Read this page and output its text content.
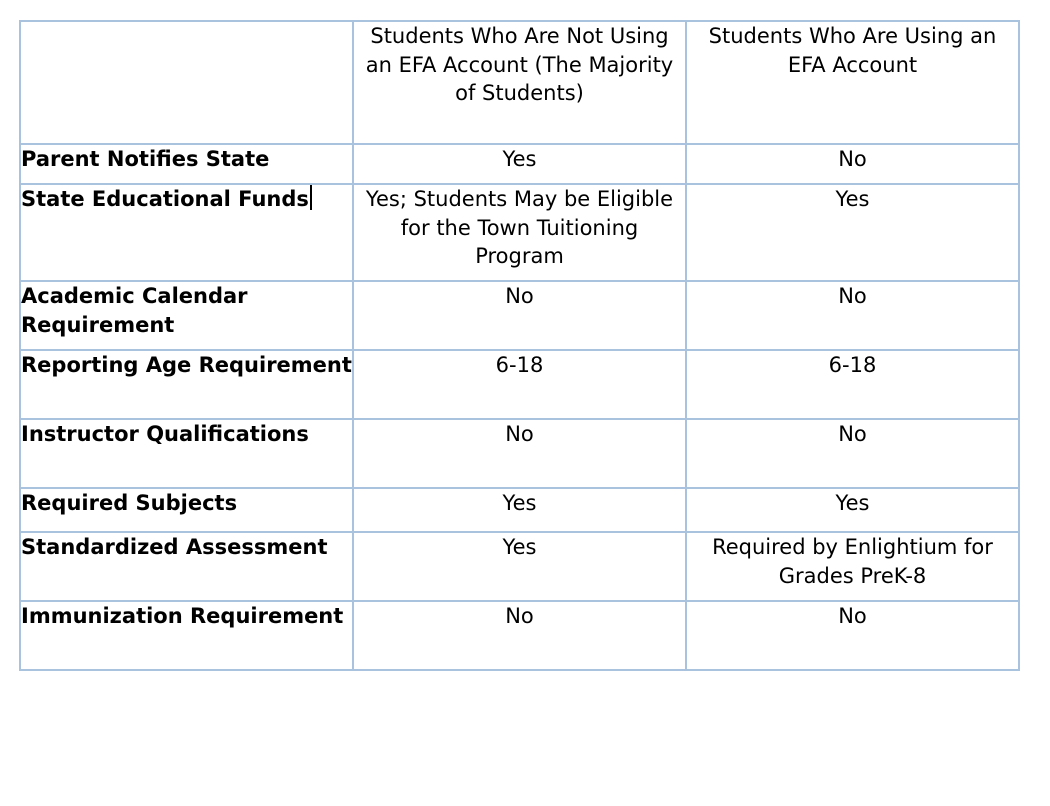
	Students Who Are Not Using an EFA Account (The Majority of Students)	Students Who Are Using an EFA Account
Parent Notifies State	Yes	No
State Educational Funds	Yes; Students May be Eligible for the Town Tuitioning Program	Yes
Academic Calendar Requirement	No	No
Reporting Age Requirement	6-18	6-18
Instructor Qualifications	No	No
Required Subjects	Yes	Yes
Standardized Assessment	Yes	Required by Enlightium for Grades PreK-8
Immunization Requirement	No	No
